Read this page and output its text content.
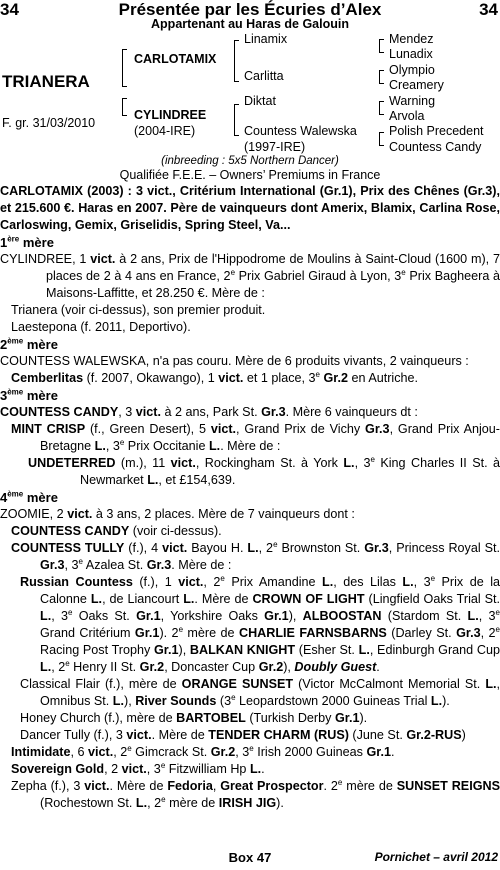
34	Présentée par les Écuries d’Alex	34
Appartenant au Haras de Galouin
TRIANERA
F. gr. 31/03/2010
CARLOTAMIX
CYLINDREE
(2004-IRE)
Linamix
Carlitta
Diktat
Countess Walewska
(1997-IRE)
Mendez
Lunadix
Olympio
Creamery
Warning
Arvola
Polish Precedent
Countess Candy
(inbreeding : 5x5 Northern Dancer)
Qualifiée F.E.E. – Owners’ Premiums in France

CARLOTAMIX (2003) : 3 vict., Critérium International (Gr.1), Prix des Chênes (Gr.3), et 215.600 €. Haras en 2007. Père de vainqueurs dont Amerix, Blamix, Carlina Rose, Carloswing, Gemix, Griselidis, Spring Steel, Va...

1ère mère

CYLINDREE, 1 vict. à 2 ans, Prix de l'Hippodrome de Moulins à Saint-Cloud (1600 m), 7 places de 2 à 4 ans en France, 2e Prix Gabriel Giraud à Lyon, 3e Prix Bagheera à Maisons-Laffitte, et 28.250 €. Mère de :

Trianera (voir ci-dessus), son premier produit.

Laestepona (f. 2011, Deportivo).

2ème mère

COUNTESS WALEWSKA, n'a pas couru. Mère de 6 produits vivants, 2 vainqueurs :

Cemberlitas (f. 2007, Okawango), 1 vict. et 1 place, 3e Gr.2 en Autriche.

3ème mère

COUNTESS CANDY, 3 vict. à 2 ans, Park St. Gr.3. Mère 6 vainqueurs dt :

MINT CRISP (f., Green Desert), 5 vict., Grand Prix de Vichy Gr.3, Grand Prix Anjou-Bretagne L., 3e Prix Occitanie L.. Mère de :

UNDETERRED (m.), 11 vict., Rockingham St. à York L., 3e King Charles II St. à Newmarket L., et £154,639.

4ème mère

ZOOMIE, 2 vict. à 3 ans, 2 places. Mère de 7 vainqueurs dont :

COUNTESS CANDY (voir ci-dessus).

COUNTESS TULLY (f.), 4 vict. Bayou H. L., 2e Brownston St. Gr.3, Princess Royal St. Gr.3, 3e Azalea St. Gr.3. Mère de :

Russian Countess (f.), 1 vict., 2e Prix Amandine L., des Lilas L., 3e Prix de la Calonne L., de Liancourt L.. Mère de CROWN OF LIGHT (Lingfield Oaks Trial St. L., 3e Oaks St. Gr.1, Yorkshire Oaks Gr.1), ALBOOSTAN (Stardom St. L., 3e Grand Critérium Gr.1). 2e mère de CHARLIE FARNSBARNS (Darley St. Gr.3, 2e Racing Post Trophy Gr.1), BALKAN KNIGHT (Esher St. L., Edinburgh Grand Cup L., 2e Henry II St. Gr.2, Doncaster Cup Gr.2), Doubly Guest.

Classical Flair (f.), mère de ORANGE SUNSET (Victor McCalmont Memorial St. L., Omnibus St. L.), River Sounds (3e Leopardstown 2000 Guineas Trial L.).

Honey Church (f.), mère de BARTOBEL (Turkish Derby Gr.1).

Dancer Tully (f.), 3 vict.. Mère de TENDER CHARM (RUS) (June St. Gr.2-RUS)

Intimidate, 6 vict., 2e Gimcrack St. Gr.2, 3e Irish 2000 Guineas Gr.1.

Sovereign Gold, 2 vict., 3e Fitzwilliam Hp L..

Zepha (f.), 3 vict.. Mère de Fedoria, Great Prospector. 2e mère de SUNSET REIGNS (Rochestown St. L., 2e mère de IRISH JIG).

Box 47	Pornichet – avril 2012
